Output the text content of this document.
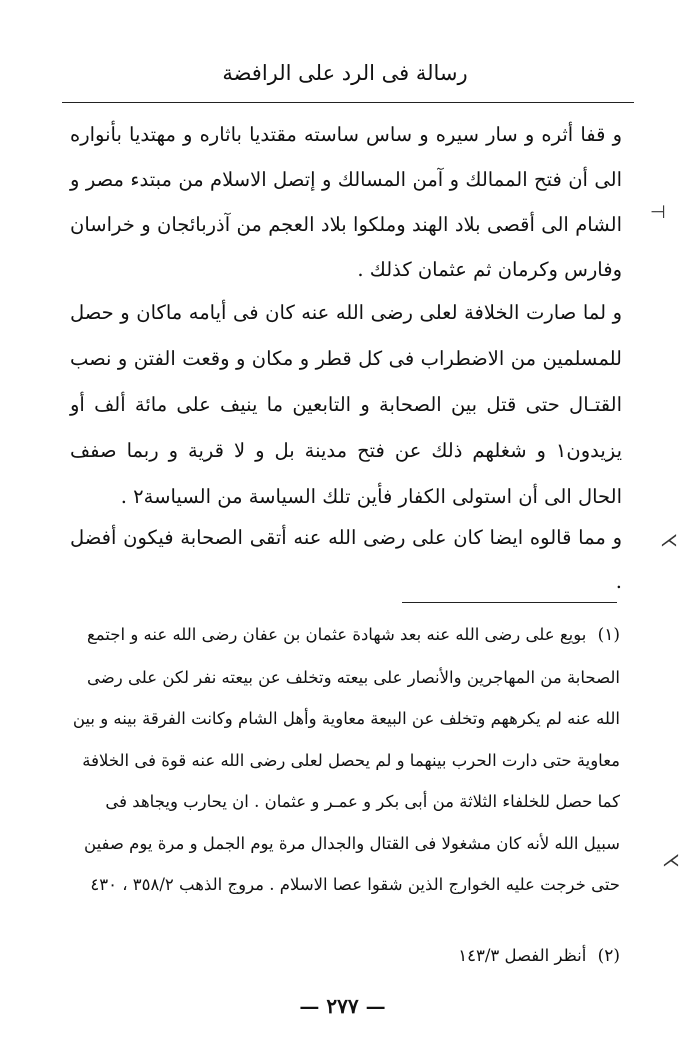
رسالة فى الرد على الرافضة

و قفا أثره و سار سيره و ساس ساسته مقتديا باثاره و مهتديا بأنواره الى أن فتح الممالك و آمن المسالك و إتصل الاسلام من مبتدء مصر و الشام الى أقصى بلاد الهند وملكوا بلاد العجم من آذربائجان و خراسان وفارس وكرمان ثم عثمان كذلك .

و لما صارت الخلافة لعلى رضى الله عنه كان فى أيامه ماكان و حصل للمسلمين من الاضطراب فى كل قطر و مكان و وقعت الفتن و نصب القتـال حتى قتل بين الصحابة و التابعين ما ينيف على مائة ألف أو يزيدون١ و شغلهم ذلك عن فتح مدينة بل و لا قرية و ربما صفف الحال الى أن استولى الكفار فأين تلك السياسة من السياسة٢ .

و مما قالوه ايضا كان على رضى الله عنه أتقى الصحابة فيكون أفضل .

(١) بويع على رضى الله عنه بعد شهادة عثمان بن عفان رضى الله عنه و اجتمع الصحابة من المهاجرين والأنصار على بيعته وتخلف عن بيعته نفر لكن على رضى الله عنه لم يكرههم وتخلف عن البيعة معاوية وأهل الشام وكانت الفرقة بينه و بين معاوية حتى دارت الحرب بينهما و لم يحصل لعلى رضى الله عنه قوة فى الخلافة كما حصل للخلفاء الثلاثة من أبى بكر و عمـر و عثمان . ان يحارب ويجاهد فى سبيل الله لأنه كان مشغولا فى القتال والجدال مرة يوم الجمل و مرة يوم صفين حتى خرجت عليه الخوارج الذين شقوا عصا الاسلام . مروج الذهب ٣٥٨/٢ ، ٤٣٠
(٢) أنظر الفصل ١٤٣/٣
— ٢٧٧ —
⊢
⋋
⋋
